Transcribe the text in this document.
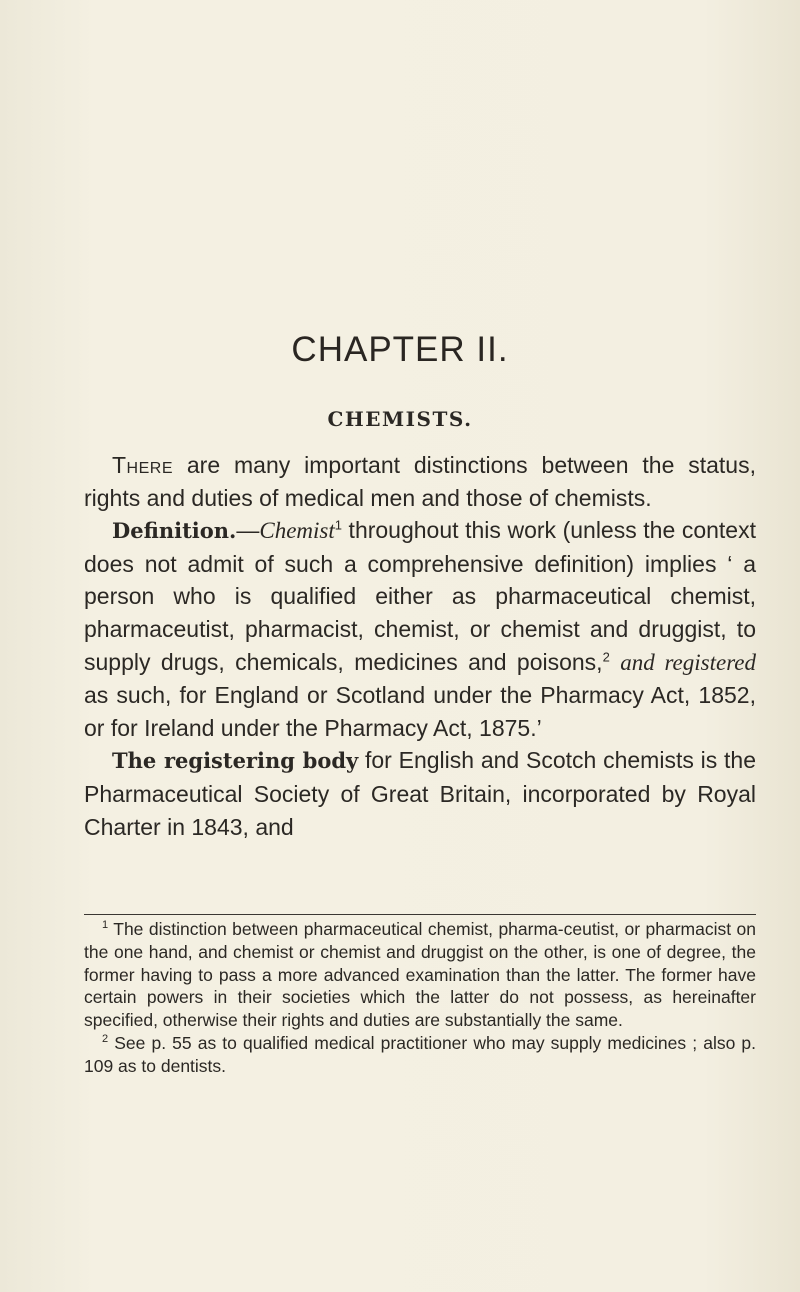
CHAPTER II.
CHEMISTS.

There are many important distinctions between the status, rights and duties of medical men and those of chemists.

Definition.—Chemist$^1$ throughout this work (unless the context does not admit of such a comprehensive definition) implies ‘ a person who is qualified either as pharmaceutical chemist, pharmaceutist, pharmacist, chemist, or chemist and druggist, to supply drugs, chemicals, medicines and poisons,$^2$ and registered as such, for England or Scotland under the Pharmacy Act, 1852, or for Ireland under the Pharmacy Act, 1875.’

The registering body for English and Scotch chemists is the Pharmaceutical Society of Great Britain, incorporated by Royal Charter in 1843, and

$^1$ The distinction between pharmaceutical chemist, pharma-ceutist, or pharmacist on the one hand, and chemist or chemist and druggist on the other, is one of degree, the former having to pass a more advanced examination than the latter. The former have certain powers in their societies which the latter do not possess, as hereinafter specified, otherwise their rights and duties are substantially the same.

$^2$ See p. 55 as to qualified medical practitioner who may supply medicines ; also p. 109 as to dentists.
